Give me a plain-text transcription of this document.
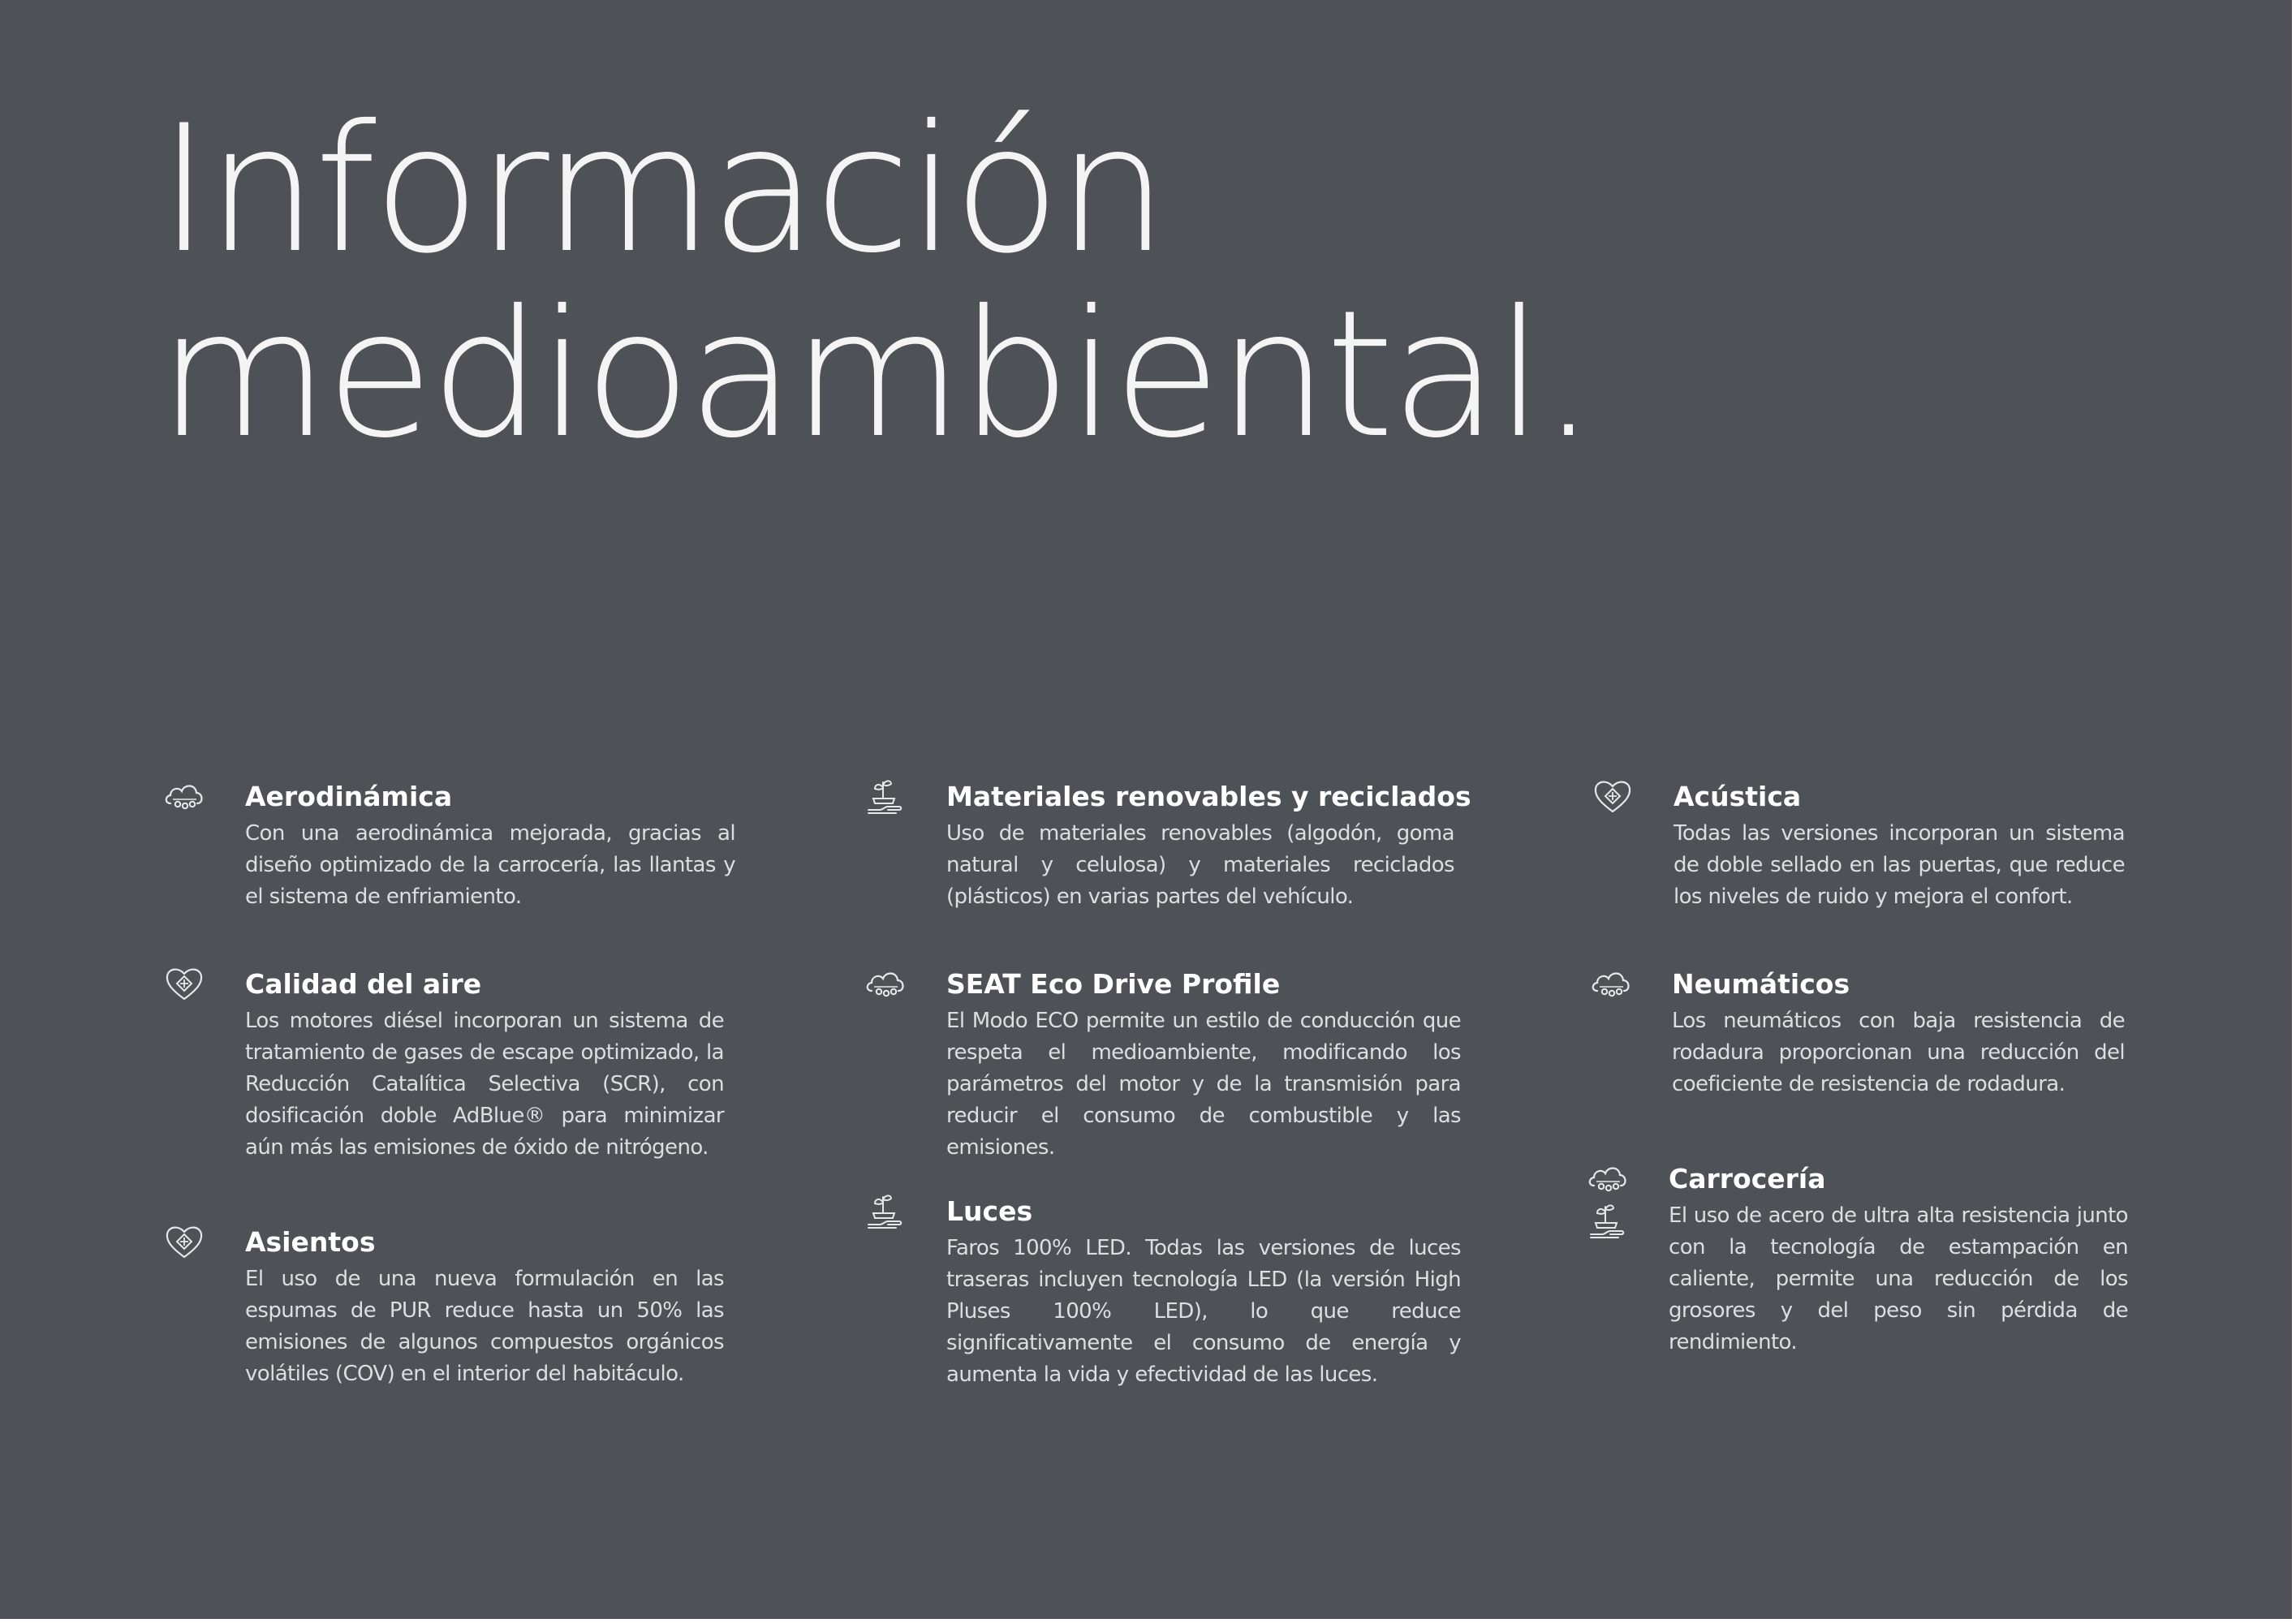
Información
medioambiental.
Aerodinámica

Con una aerodinámica mejorada, gracias al diseño optimizado de la carrocería, las llantas y el sistema de enfriamiento.

Calidad del aire

Los motores diésel incorporan un sistema de tratamiento de gases de escape optimizado, la Reducción Catalítica Selectiva (SCR), con dosificación doble AdBlue® para minimizar aún más las emisiones de óxido de nitrógeno.

Asientos

El uso de una nueva formulación en las espumas de PUR reduce hasta un 50% las emisiones de algunos compuestos orgánicos volátiles (COV) en el interior del habitáculo.

Materiales renovables y reciclados

Uso de materiales renovables (algodón, goma natural y celulosa) y materiales reciclados (plásticos) en varias partes del vehículo.

SEAT Eco Drive Profile

El Modo ECO permite un estilo de conducción que respeta el medioambiente, modificando los parámetros del motor y de la transmisión para reducir el consumo de combustible y las emisiones.

Luces

Faros 100% LED. Todas las versiones de luces traseras incluyen tecnología LED (la versión High Pluses 100% LED), lo que reduce significativamente el consumo de energía y aumenta la vida y efectividad de las luces.

Acústica

Todas las versiones incorporan un sistema de doble sellado en las puertas, que reduce los niveles de ruido y mejora el confort.

Neumáticos

Los neumáticos con baja resistencia de rodadura proporcionan una reducción del coeficiente de resistencia de rodadura.

Carrocería

El uso de acero de ultra alta resistencia junto con la tecnología de estampación en caliente, permite una reducción de los grosores y del peso sin pérdida de rendimiento.
